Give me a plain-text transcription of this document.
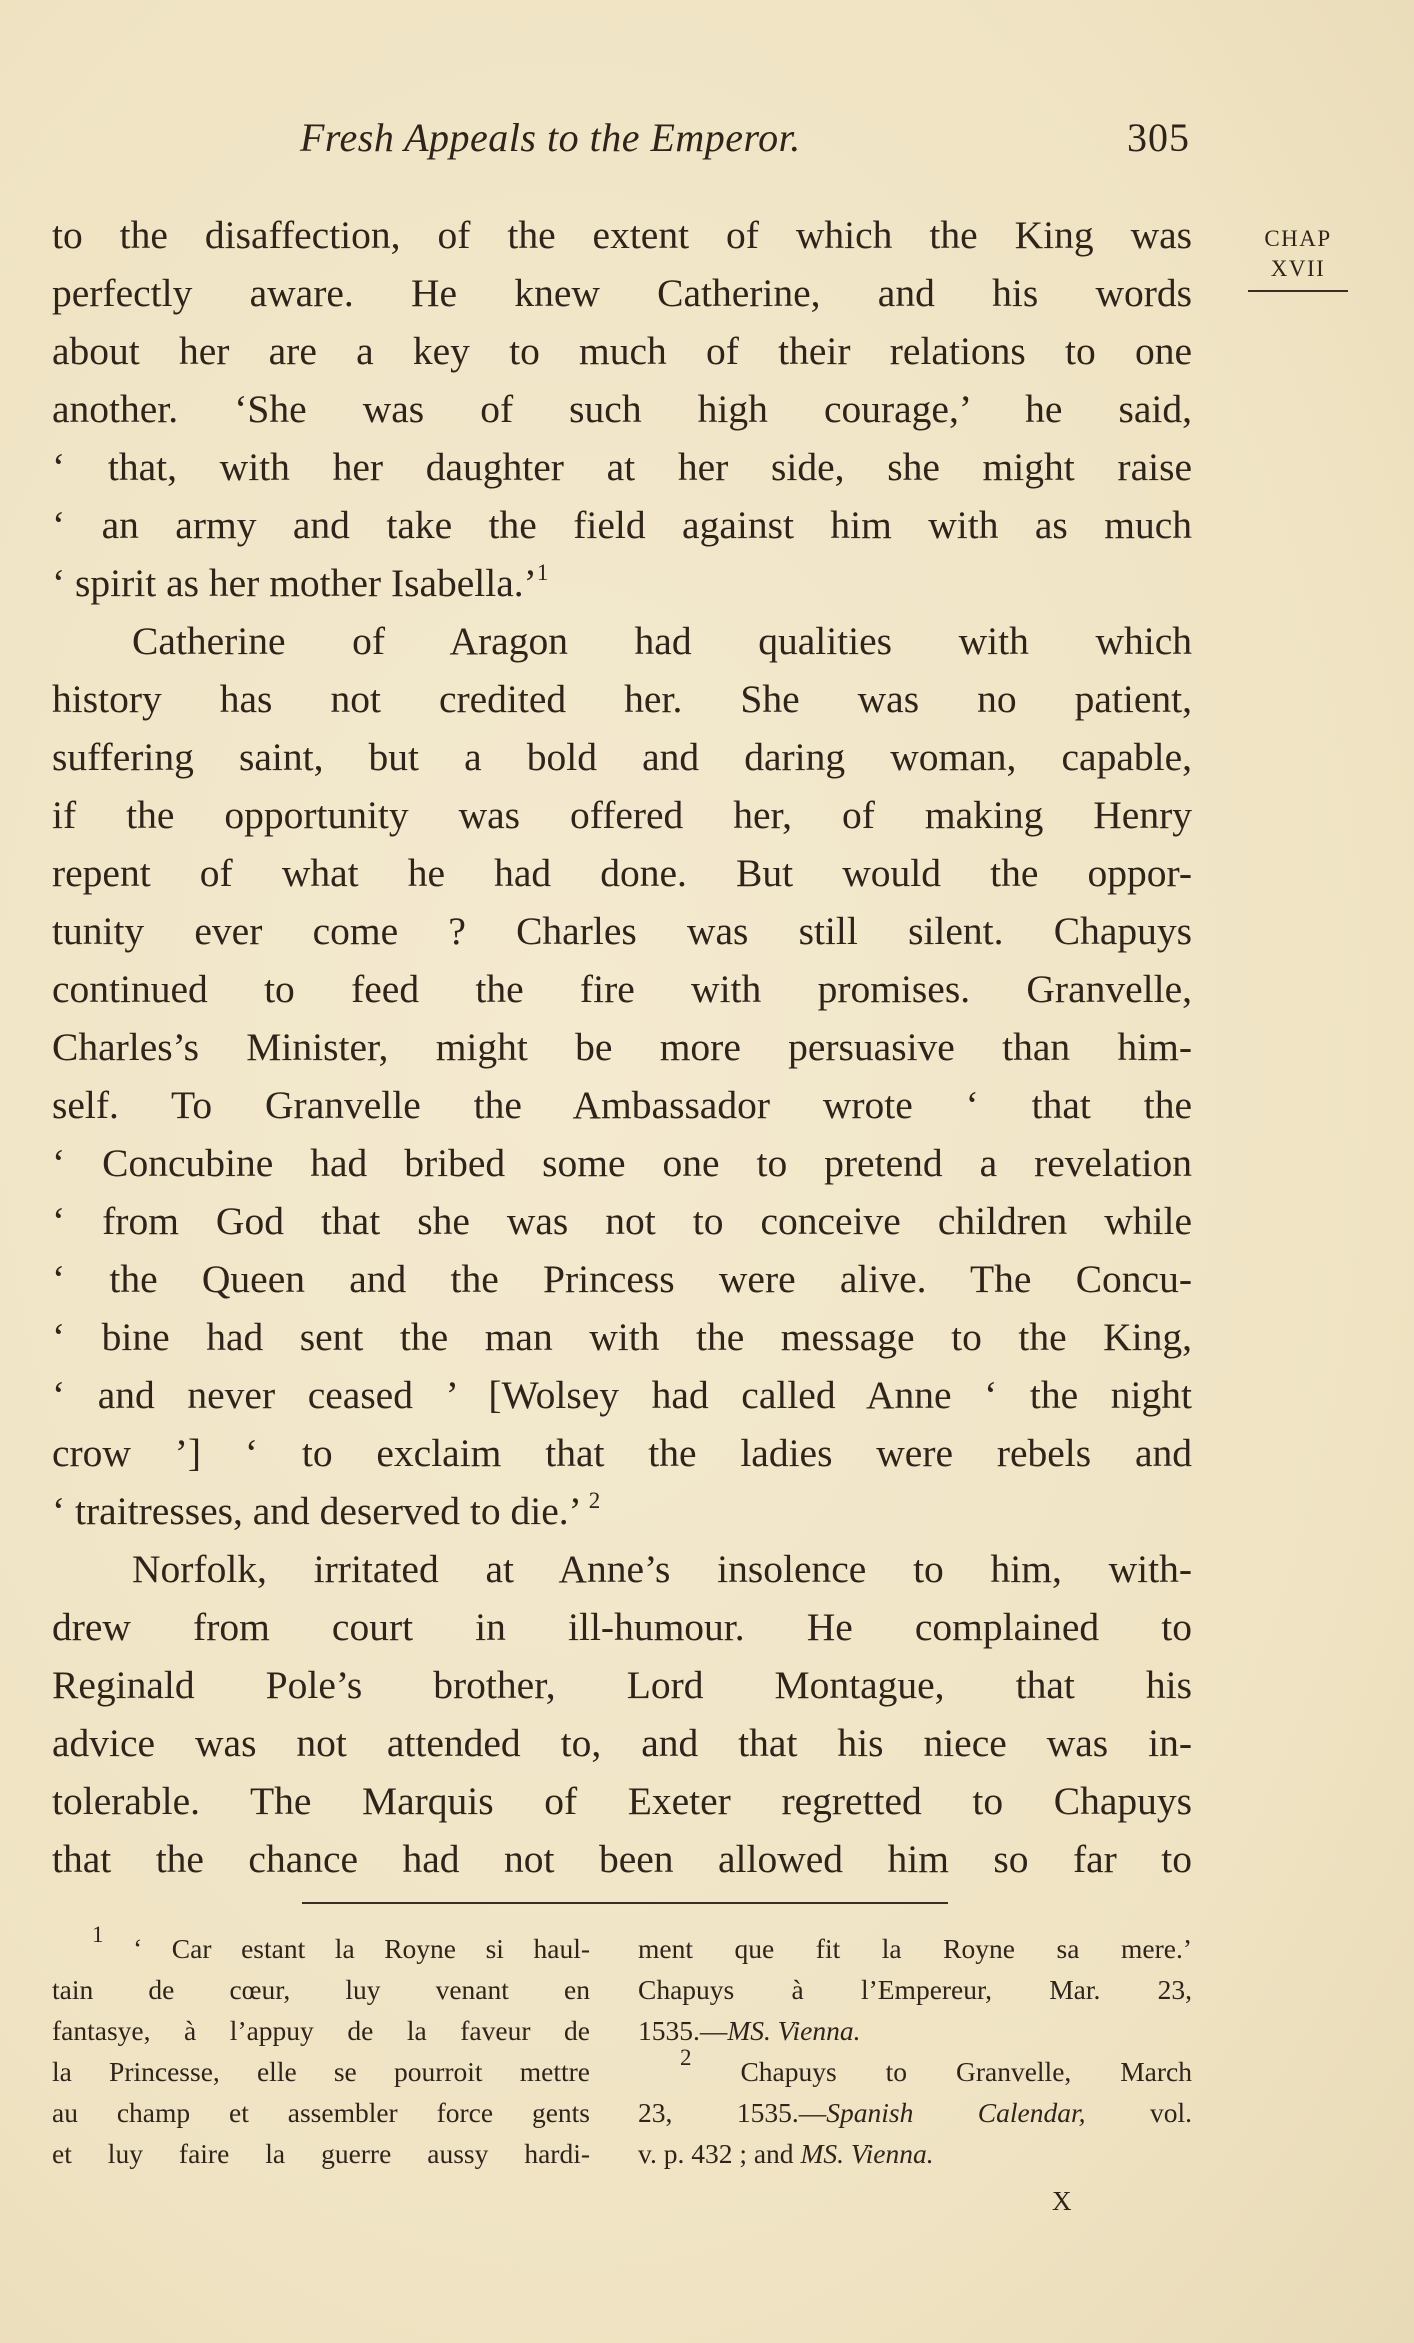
Fresh Appeals to the Emperor.	305
CHAP
XVII
to the disaffection, of the extent of which the King was
perfectly aware. He knew Catherine, and his words
about her are a key to much of their relations to one
another. ‘She was of such high courage,’ he said,
‘ that, with her daughter at her side, she might raise
‘ an army and take the field against him with as much
‘ spirit as her mother Isabella.’$^1$
Catherine of Aragon had qualities with which
history has not credited her. She was no patient,
suffering saint, but a bold and daring woman, capable,
if the opportunity was offered her, of making Henry
repent of what he had done. But would the oppor-
tunity ever come ? Charles was still silent. Chapuys
continued to feed the fire with promises. Granvelle,
Charles’s Minister, might be more persuasive than him-
self. To Granvelle the Ambassador wrote ‘ that the
‘ Concubine had bribed some one to pretend a revelation
‘ from God that she was not to conceive children while
‘ the Queen and the Princess were alive. The Concu-
‘ bine had sent the man with the message to the King,
‘ and never ceased ’ [Wolsey had called Anne ‘ the night
crow ’] ‘ to exclaim that the ladies were rebels and
‘ traitresses, and deserved to die.’ $^2$
Norfolk, irritated at Anne’s insolence to him, with-
drew from court in ill-humour. He complained to
Reginald Pole’s brother, Lord Montague, that his
advice was not attended to, and that his niece was in-
tolerable. The Marquis of Exeter regretted to Chapuys
that the chance had not been allowed him so far to
$^1$ ‘ Car estant la Royne si haul-
tain de cœur, luy venant en
fantasye, à l’appuy de la faveur de
la Princesse, elle se pourroit mettre
au champ et assembler force gents
et luy faire la guerre aussy hardi-
ment que fit la Royne sa mere.’
Chapuys à l’Empereur, Mar. 23,
1535.—MS. Vienna.
$^2$ Chapuys to Granvelle, March
23, 1535.—Spanish Calendar, vol.
v. p. 432 ; and MS. Vienna.
X
